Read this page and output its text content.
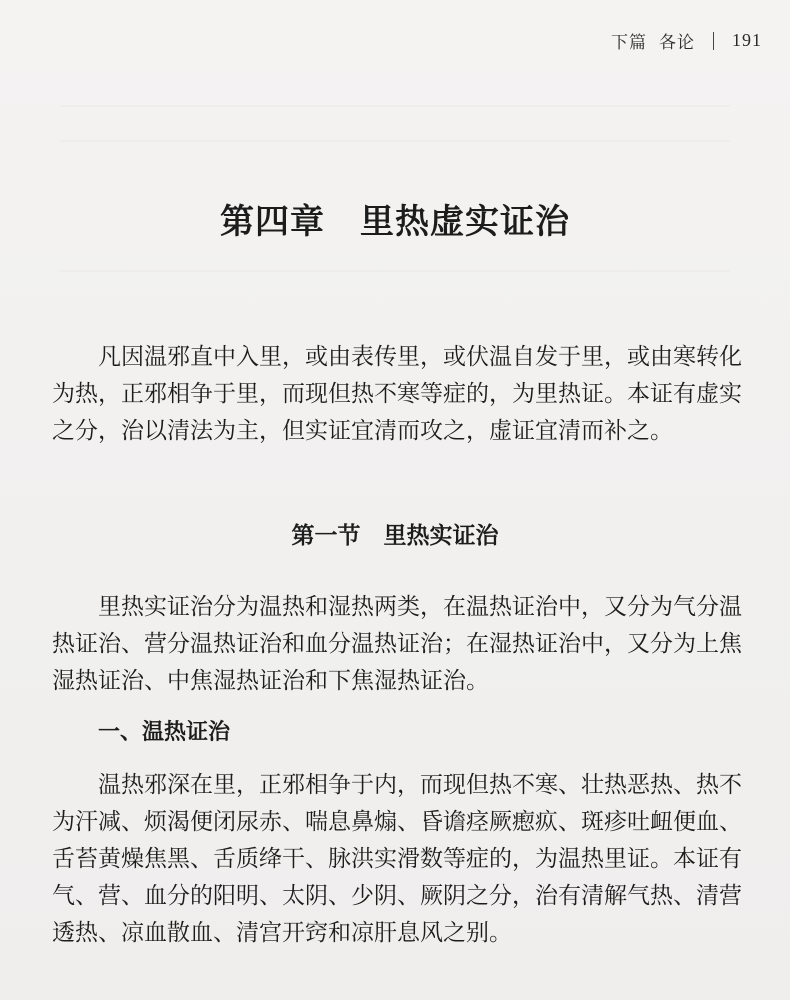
下篇 各论 191
第四章　里热虚实证治

凡因温邪直中入里，或由表传里，或伏温自发于里，或由寒转化为热，正邪相争于里，而现但热不寒等症的，为里热证。本证有虚实之分，治以清法为主，但实证宜清而攻之，虚证宜清而补之。

第一节　里热实证治

里热实证治分为温热和湿热两类，在温热证治中，又分为气分温热证治、营分温热证治和血分温热证治；在湿热证治中，又分为上焦湿热证治、中焦湿热证治和下焦湿热证治。

一、温热证治

温热邪深在里，正邪相争于内，而现但热不寒、壮热恶热、热不为汗减、烦渴便闭尿赤、喘息鼻煽、昏谵痉厥瘛疭、斑疹吐衄便血、舌苔黄燥焦黑、舌质绛干、脉洪实滑数等症的，为温热里证。本证有气、营、血分的阳明、太阴、少阴、厥阴之分，治有清解气热、清营透热、凉血散血、清宫开窍和凉肝息风之别。
